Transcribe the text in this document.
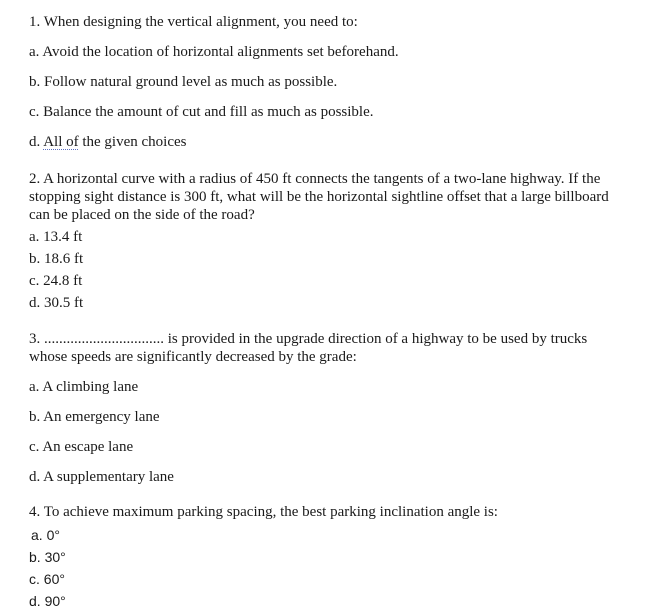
1. When designing the vertical alignment, you need to:
a. Avoid the location of horizontal alignments set beforehand.
b. Follow natural ground level as much as possible.
c. Balance the amount of cut and fill as much as possible.
d. All of the given choices
2. A horizontal curve with a radius of 450 ft connects the tangents of a two-lane highway. If the stopping sight distance is 300 ft, what will be the horizontal sightline offset that a large billboard can be placed on the side of the road?
a. 13.4 ft
b. 18.6 ft
c. 24.8 ft
d. 30.5 ft
3. ................................ is provided in the upgrade direction of a highway to be used by trucks whose speeds are significantly decreased by the grade:
a. A climbing lane
b. An emergency lane
c. An escape lane
d. A supplementary lane
4. To achieve maximum parking spacing, the best parking inclination angle is:
a. 0°
b. 30°
c. 60°
d. 90°
